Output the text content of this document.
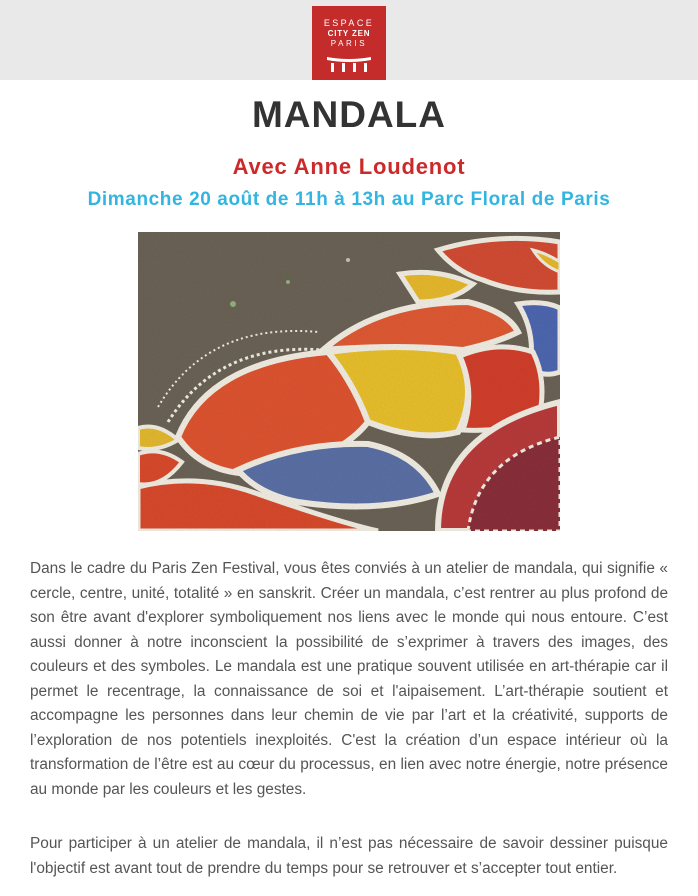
ESPACE
CITY ZEN
PARIS
MANDALA
Avec Anne Loudenot
Dimanche 20 août de 11h à 13h au Parc Floral de Paris

Dans le cadre du Paris Zen Festival, vous êtes conviés à un atelier de mandala, qui signifie « cercle, centre, unité, totalité » en sanskrit. Créer un mandala, c’est rentrer au plus profond de son être avant d'explorer symboliquement nos liens avec le monde qui nous entoure. C’est aussi donner à notre inconscient la possibilité de s’exprimer à travers des images, des couleurs et des symboles. Le mandala est une pratique souvent utilisée en art-thérapie car il permet le recentrage, la connaissance de soi et l'aipaisement. L’art-thérapie soutient et accompagne les personnes dans leur chemin de vie par l’art et la créativité, supports de l’exploration de nos potentiels inexploités. C'est la création d’un espace intérieur où la transformation de l’être est au cœur du processus, en lien avec notre énergie, notre présence au monde par les couleurs et les gestes.

Pour participer à un atelier de mandala, il n’est pas nécessaire de savoir dessiner puisque l'objectif est avant tout de prendre du temps pour se retrouver et s’accepter tout entier.
